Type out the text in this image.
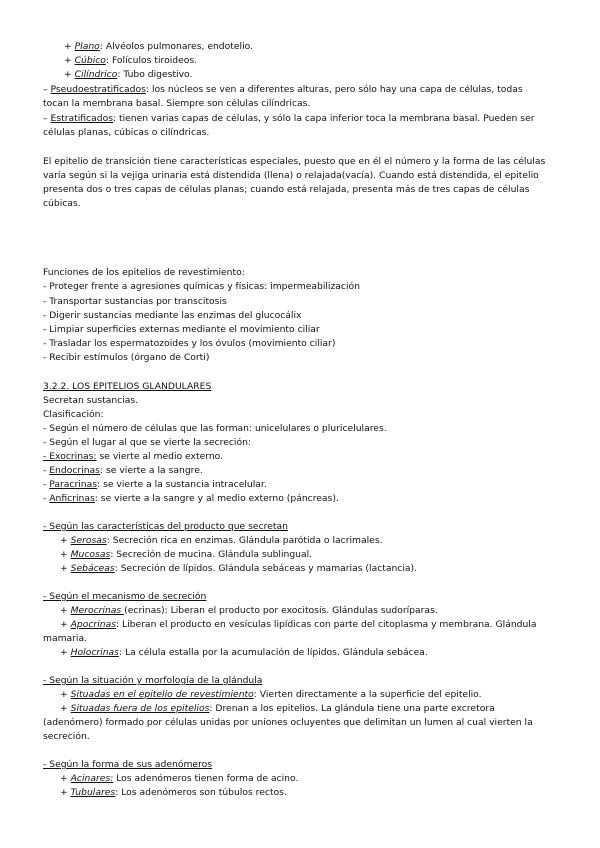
+ Plano: Alvéolos pulmonares, endotelio.
+ Cúbico: Folículos tiroideos.
+ Cilíndrico: Tubo digestivo.
– Pseudoestratificados: los núcleos se ven a diferentes alturas, pero sólo hay una capa de células, todas
tocan la membrana basal. Siempre son células cilíndricas.
– Estratificados: tienen varias capas de células, y sólo la capa inferior toca la membrana basal. Pueden ser
células planas, cúbicas o cilíndricas.
El epitelio de transición tiene características especiales, puesto que en él el número y la forma de las células
varía según si la vejiga urinaria está distendida (llena) o relajada(vacía). Cuando está distendida, el epitelio
presenta dos o tres capas de células planas; cuando está relajada, presenta más de tres capas de células
cúbicas.
Funciones de los epitelios de revestimiento:
- Proteger frente a agresiones químicas y físicas: impermeabilización
- Transportar sustancias por transcitosis
- Digerir sustancias mediante las enzimas del glucocálix
- Limpiar superficies externas mediante el movimiento ciliar
- Trasladar los espermatozoides y los óvulos (movimiento ciliar)
- Recibir estímulos (órgano de Corti)
3.2.2. LOS EPITELIOS GLANDULARES
Secretan sustancias.
Clasificación:
- Según el número de células que las forman: unicelulares o pluricelulares.
- Según el lugar al que se vierte la secreción:
- Exocrinas: se vierte al medio externo.
- Endocrinas: se vierte a la sangre.
- Paracrinas: se vierte a la sustancia intracelular.
- Anficrinas: se vierte a la sangre y al medio externo (páncreas).
- Según las características del producto que secretan
+ Serosas: Secreción rica en enzimas. Glándula parótida o lacrimales.
+ Mucosas: Secreción de mucina. Glándula sublingual.
+ Sebáceas: Secreción de lípidos. Glándula sebáceas y mamarias (lactancia).
- Según el mecanismo de secreción
+ Merocrinas (ecrinas): Liberan el producto por exocitosis. Glándulas sudoríparas.
+ Apocrinas: Liberan el producto en vesículas lipídicas con parte del citoplasma y membrana. Glándula
mamaria.
+ Holocrinas: La célula estalla por la acumulación de lípidos. Glándula sebácea.
- Según la situación y morfología de la glándula
+ Situadas en el epitelio de revestimiento: Vierten directamente a la superficie del epitelio.
+ Situadas fuera de los epitelios: Drenan a los epitelios. La glándula tiene una parte excretora
(adenómero) formado por células unidas por uniones ocluyentes que delimitan un lumen al cual vierten la
secreción.
- Según la forma de sus adenómeros
+ Acinares: Los adenómeros tienen forma de acino.
+ Tubulares: Los adenómeros son túbulos rectos.
